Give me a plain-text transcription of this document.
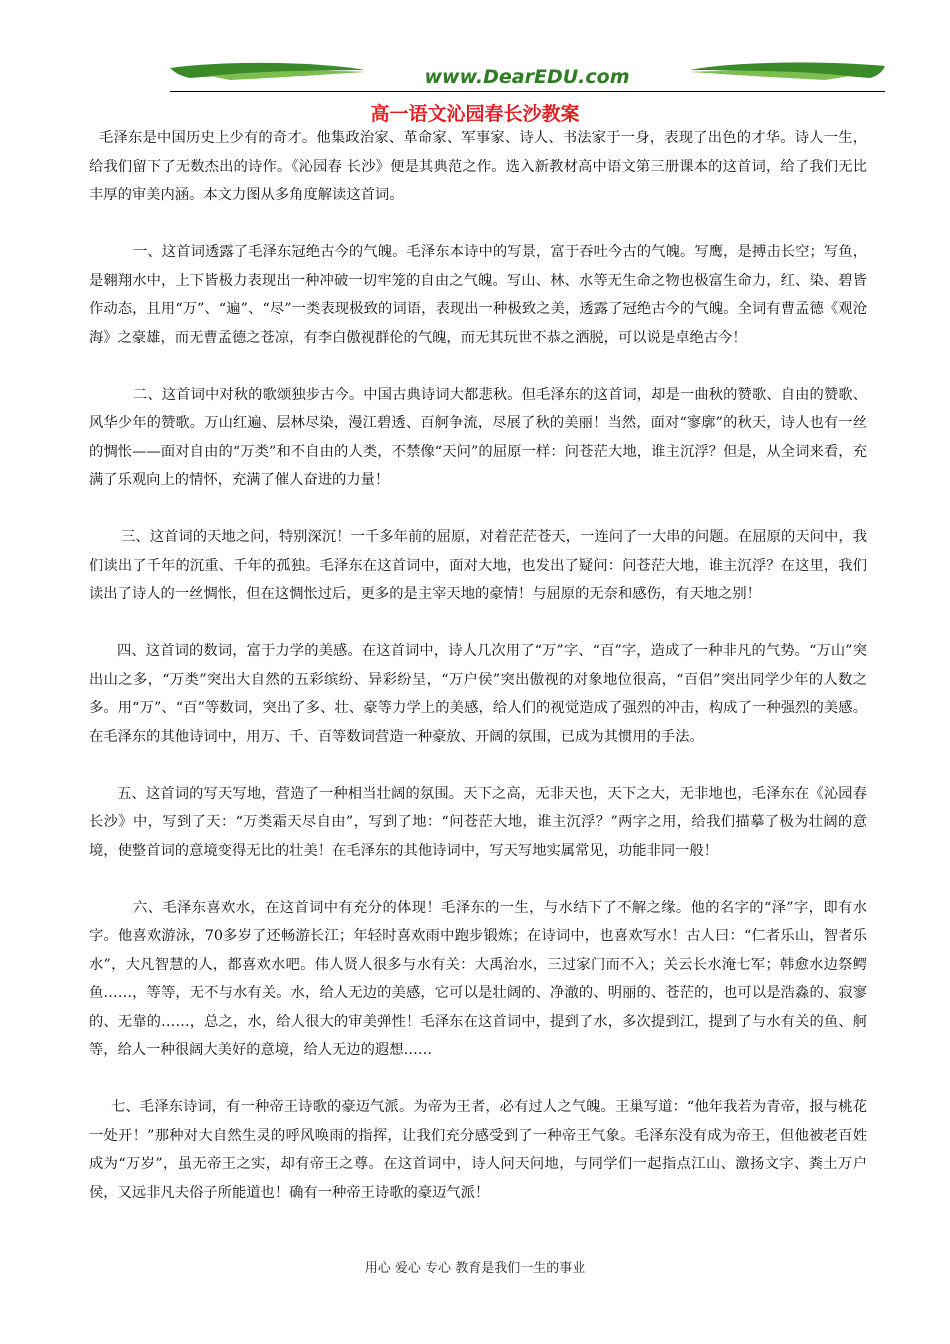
www.DearEDU.com
高一语文沁园春长沙教案

毛泽东是中国历史上少有的奇才。他集政治家、革命家、军事家、诗人、书法家于一身，表现了出色的才华。诗人一生，给我们留下了无数杰出的诗作。《沁园春 长沙》便是其典范之作。选入新教材高中语文第三册课本的这首词，给了我们无比丰厚的审美内涵。本文力图从多角度解读这首词。

一、这首词透露了毛泽东冠绝古今的气魄。毛泽东本诗中的写景，富于吞吐今古的气魄。写鹰，是搏击长空；写鱼，是翱翔水中，上下皆极力表现出一种冲破一切牢笼的自由之气魄。写山、林、水等无生命之物也极富生命力，红、染、碧皆作动态，且用“万”、“遍”、“尽”一类表现极致的词语，表现出一种极致之美，透露了冠绝古今的气魄。全词有曹孟德《观沧海》之豪雄，而无曹孟德之苍凉，有李白傲视群伦的气魄，而无其玩世不恭之洒脱，可以说是卓绝古今！

二、这首词中对秋的歌颂独步古今。中国古典诗词大都悲秋。但毛泽东的这首词，却是一曲秋的赞歌、自由的赞歌、风华少年的赞歌。万山红遍、层林尽染，漫江碧透、百舸争流，尽展了秋的美丽！当然，面对“寥廓”的秋天，诗人也有一丝的惆怅——面对自由的“万类”和不自由的人类，不禁像“天问”的屈原一样：问苍茫大地，谁主沉浮？但是，从全词来看，充满了乐观向上的情怀，充满了催人奋进的力量！

三、这首词的天地之问，特别深沉！一千多年前的屈原，对着茫茫苍天，一连问了一大串的问题。在屈原的天问中，我们读出了千年的沉重、千年的孤独。毛泽东在这首词中，面对大地，也发出了疑问：问苍茫大地，谁主沉浮？在这里，我们读出了诗人的一丝惆怅，但在这惆怅过后，更多的是主宰天地的豪情！与屈原的无奈和感伤，有天地之别！

四、这首词的数词，富于力学的美感。在这首词中，诗人几次用了“万”字、“百”字，造成了一种非凡的气势。“万山”突出山之多，“万类”突出大自然的五彩缤纷、异彩纷呈，“万户侯”突出傲视的对象地位很高，“百侣”突出同学少年的人数之多。用“万”、“百”等数词，突出了多、壮、豪等力学上的美感，给人们的视觉造成了强烈的冲击，构成了一种强烈的美感。在毛泽东的其他诗词中，用万、千、百等数词营造一种豪放、开阔的氛围，已成为其惯用的手法。

五、这首词的写天写地，营造了一种相当壮阔的氛围。天下之高，无非天也，天下之大，无非地也，毛泽东在《沁园春 长沙》中，写到了天：“万类霜天尽自由”，写到了地：“问苍茫大地，谁主沉浮？”两字之用，给我们描摹了极为壮阔的意境，使整首词的意境变得无比的壮美！在毛泽东的其他诗词中，写天写地实属常见，功能非同一般！

六、毛泽东喜欢水，在这首词中有充分的体现！毛泽东的一生，与水结下了不解之缘。他的名字的“泽”字，即有水字。他喜欢游泳，70多岁了还畅游长江；年轻时喜欢雨中跑步锻炼；在诗词中，也喜欢写水！古人曰：“仁者乐山，智者乐水”，大凡智慧的人，都喜欢水吧。伟人贤人很多与水有关：大禹治水，三过家门而不入；关云长水淹七军；韩愈水边祭鳄鱼……，等等，无不与水有关。水，给人无边的美感，它可以是壮阔的、净澈的、明丽的、苍茫的，也可以是浩淼的、寂寥的、无靠的……，总之，水，给人很大的审美弹性！毛泽东在这首词中，提到了水，多次提到江，提到了与水有关的鱼、舸等，给人一种很阔大美好的意境，给人无边的遐想……

七、毛泽东诗词，有一种帝王诗歌的豪迈气派。为帝为王者，必有过人之气魄。王巢写道：“他年我若为青帝，报与桃花一处开！”那种对大自然生灵的呼风唤雨的指挥，让我们充分感受到了一种帝王气象。毛泽东没有成为帝王，但他被老百姓成为“万岁”，虽无帝王之实，却有帝王之尊。在这首词中，诗人问天问地，与同学们一起指点江山、激扬文字、粪土万户侯，又远非凡夫俗子所能道也！确有一种帝王诗歌的豪迈气派！

用心 爱心 专心 教育是我们一生的事业
